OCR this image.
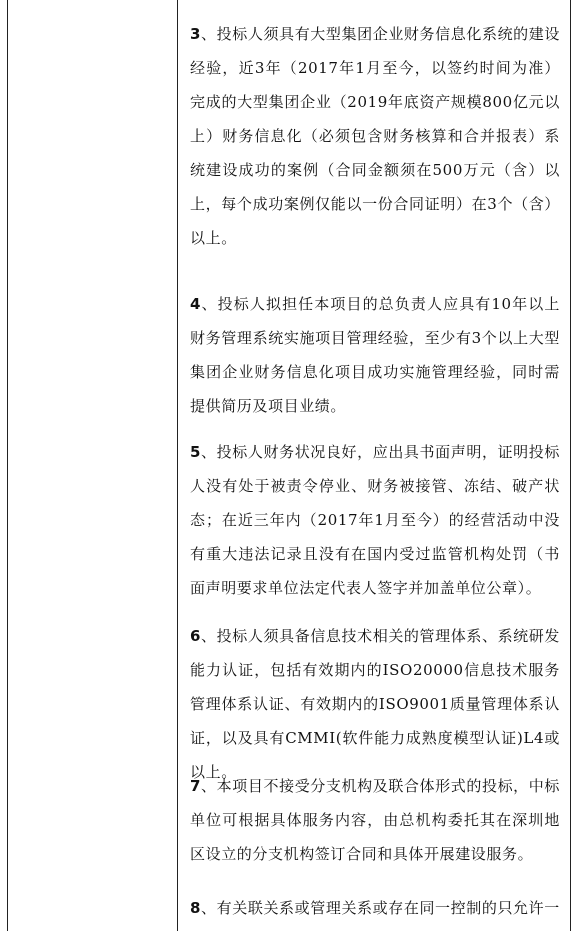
3、投标人须具有大型集团企业财务信息化系统的建设经验，近3年（2017年1月至今，以签约时间为准）完成的大型集团企业（2019年底资产规模800亿元以上）财务信息化（必须包含财务核算和合并报表）系统建设成功的案例（合同金额须在500万元（含）以上，每个成功案例仅能以一份合同证明）在3个（含）以上。

4、投标人拟担任本项目的总负责人应具有10年以上财务管理系统实施项目管理经验，至少有3个以上大型集团企业财务信息化项目成功实施管理经验，同时需提供简历及项目业绩。

5、投标人财务状况良好，应出具书面声明，证明投标人没有处于被责令停业、财务被接管、冻结、破产状态；在近三年内（2017年1月至今）的经营活动中没有重大违法记录且没有在国内受过监管机构处罚（书面声明要求单位法定代表人签字并加盖单位公章）。

6、投标人须具备信息技术相关的管理体系、系统研发能力认证，包括有效期内的ISO20000信息技术服务管理体系认证、有效期内的ISO9001质量管理体系认证，以及具有CMMI(软件能力成熟度模型认证)L4或以上。

7、本项目不接受分支机构及联合体形式的投标，中标单位可根据具体服务内容，由总机构委托其在深圳地区设立的分支机构签订合同和具体开展建设服务。

8、有关联关系或管理关系或存在同一控制的只允许一
